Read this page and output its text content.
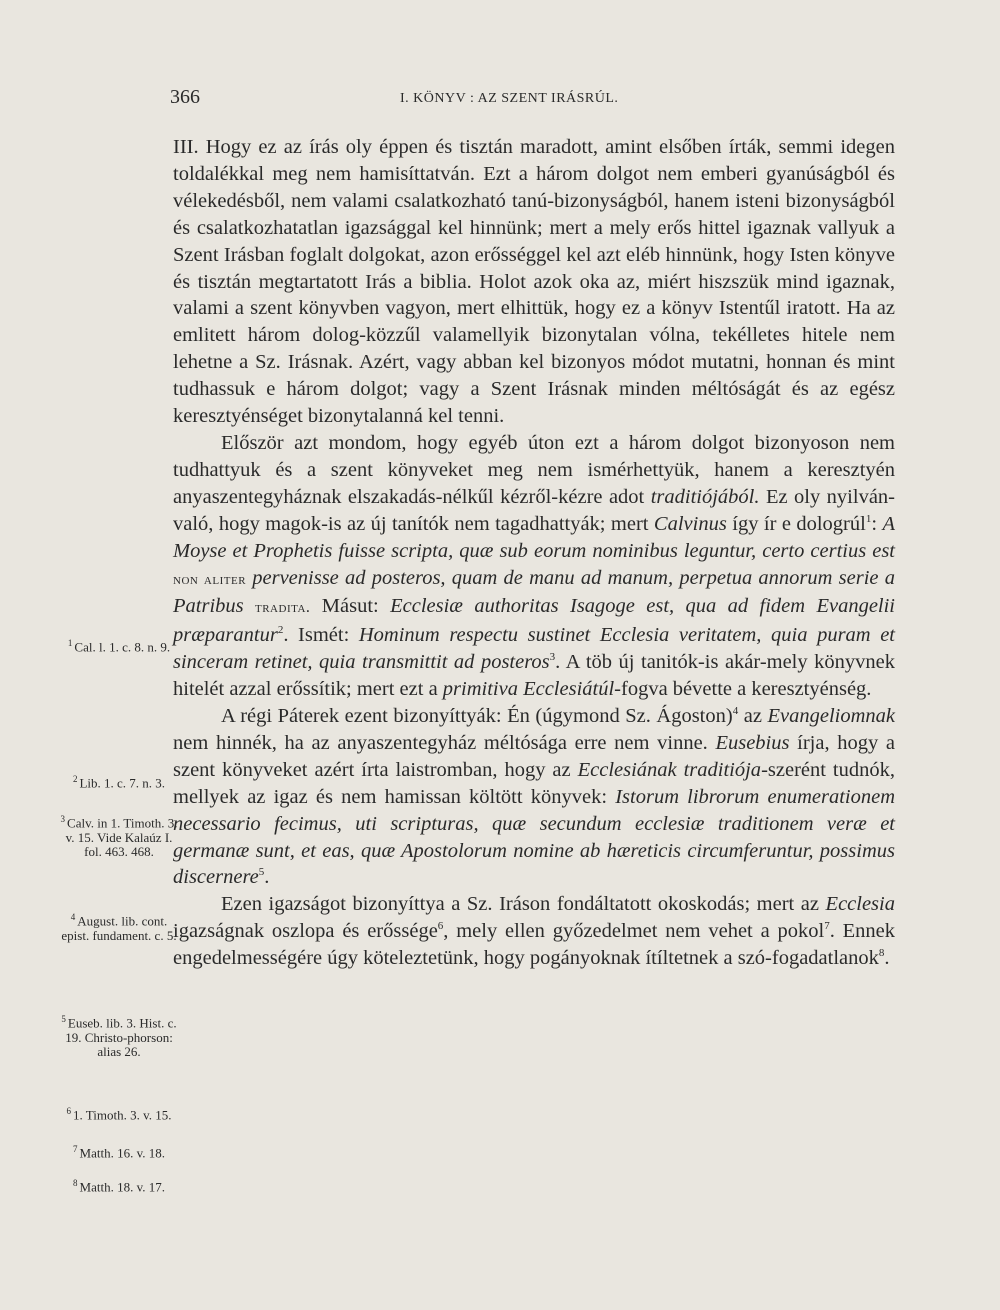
366	I. KÖNYV : AZ SZENT IRÁSRÚL.

III. Hogy ez az írás oly éppen és tisztán maradott, amint elsőben írták, semmi idegen toldalékkal meg nem hamisíttatván. Ezt a három dolgot nem emberi gyanúságból és vélekedésből, nem valami csalatkozható tanú-bizonyságból, hanem isteni bizonyságból és csalatkozhatatlan igazsággal kel hinnünk; mert a mely erős hittel igaznak vallyuk a Szent Irásban foglalt dolgokat, azon erősséggel kel azt eléb hinnünk, hogy Isten könyve és tisztán megtartatott Irás a biblia. Holot azok oka az, miért hiszszük mind igaznak, valami a szent könyvben vagyon, mert elhittük, hogy ez a könyv Istentűl iratott. Ha az emlitett három dolog-közzűl valamellyik bizonytalan vólna, tekélletes hitele nem lehetne a Sz. Irásnak. Azért, vagy abban kel bizonyos módot mutatni, honnan és mint tudhassuk e három dolgot; vagy a Szent Irásnak minden méltóságát és az egész keresztyénséget bizonytalanná kel tenni.

Először azt mondom, hogy egyéb úton ezt a három dolgot bizonyoson nem tudhattyuk és a szent könyveket meg nem ismérhettyük, hanem a keresztyén anyaszentegyháznak elszakadás-nélkűl kézről-kézre adot traditiójából. Ez oly nyilván-való, hogy magok-is az új tanítók nem tagadhattyák; mert Calvinus így ír e dologrúl$^1$: A Moyse et Prophetis fuisse scripta, quæ sub eorum nominibus leguntur, certo certius est non aliter pervenisse ad posteros, quam de manu ad manum, perpetua annorum serie a Patribus tradita. Másut: Ecclesiæ authoritas Isagoge est, qua ad fidem Evangelii præparantur$^2$. Ismét: Hominum respectu sustinet Ecclesia veritatem, quia puram et sinceram retinet, quia transmittit ad posteros$^3$. A töb új tanitók-is akár-mely könyvnek hitelét azzal erőssítik; mert ezt a primitiva Ecclesiátúl-fogva bévette a keresztyénség.

A régi Páterek ezent bizonyíttyák: Én (úgymond Sz. Ágoston)$^4$ az Evangeliomnak nem hinnék, ha az anyaszentegyház méltósága erre nem vinne. Eusebius írja, hogy a szent könyveket azért írta laistromban, hogy az Ecclesiának traditiója-szerént tudnók, mellyek az igaz és nem hamissan költött könyvek: Istorum librorum enumerationem necessario fecimus, uti scripturas, quæ secundum ecclesiæ traditionem veræ et germanæ sunt, et eas, quæ Apostolorum nomine ab hæreticis circumferuntur, possimus discernere$^5$.

Ezen igazságot bizonyíttya a Sz. Iráson fondáltatott okoskodás; mert az Ecclesia igazságnak oszlopa és erőssége$^6$, mely ellen győzedelmet nem vehet a pokol$^7$. Ennek engedelmességére úgy köteleztetünk, hogy pogányoknak ítíltetnek a szó-fogadatlanok$^8$.

$^1$ Cal. l. 1. c. 8. n. 9.
$^2$ Lib. 1. c. 7. n. 3.
$^3$ Calv. in 1. Timoth. 3. v. 15. Vide Kalaúz I. fol. 463. 468.
$^4$ August. lib. cont. epist. fundament. c. 5.
$^5$ Euseb. lib. 3. Hist. c. 19. Christo-phorson: alias 26.
$^6$ 1. Timoth. 3. v. 15.
$^7$ Matth. 16. v. 18.
$^8$ Matth. 18. v. 17.
